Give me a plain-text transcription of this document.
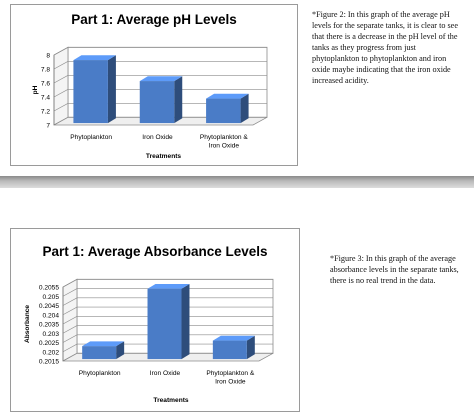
Part 1: Average pH Levels
7
7.2
7.4
7.6
7.8
8
Phytoplankton	Iron Oxide	Phytoplankton &
Iron Oxide
Treatments
pH
*Figure 2: In this graph of the average pH levels for the separate tanks, it is clear to see that there is a decrease in the pH level of the tanks as they progress from just phytoplankton to phytoplankton and iron oxide maybe indicating that the iron oxide increased acidity.
Part 1: Average Absorbance Levels
0.2015
0.202
0.2025
0.203
0.2035
0.204
0.2045
0.205
0.2055
Phytoplankton	Iron Oxide	Phytoplankton &
Iron Oxide
Treatments
Absorbance
*Figure 3: In this graph of the average absorbance levels in the separate tanks, there is no real trend in the data.
